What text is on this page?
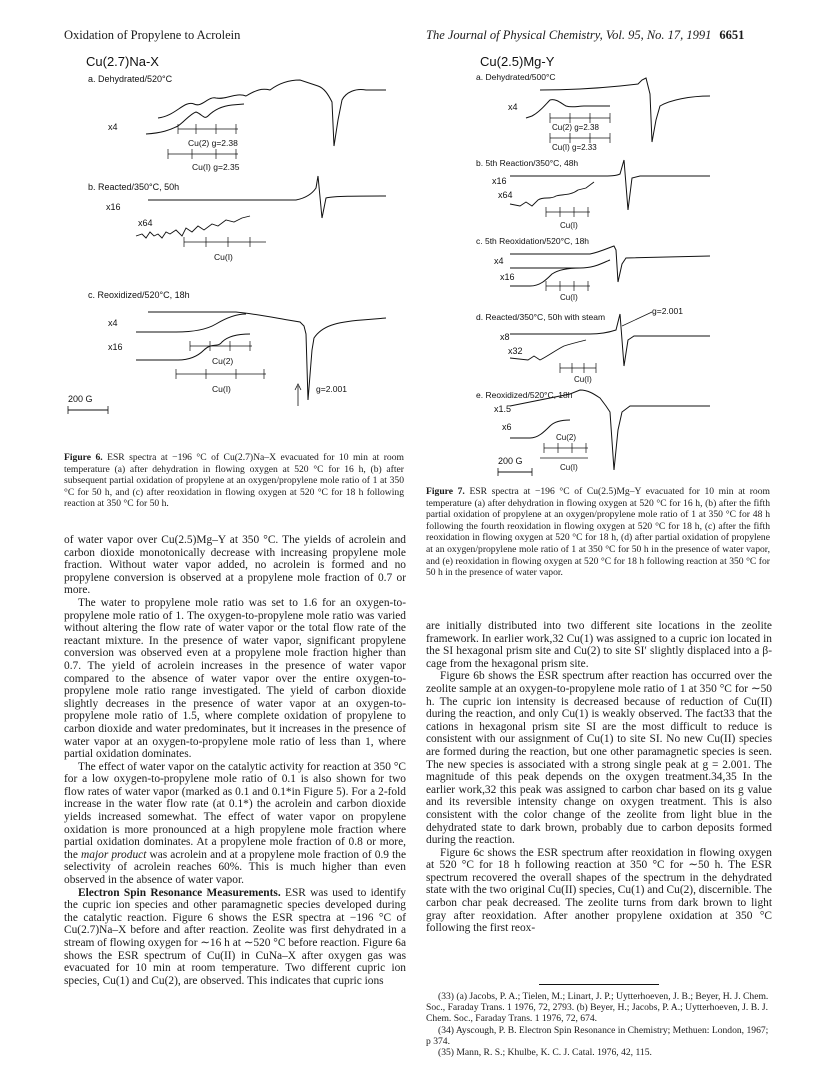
Oxidation of Propylene to Acrolein	The Journal of Physical Chemistry, Vol. 95, No. 17, 1991 6651
Cu(2.7)Na-X
a. Dehydrated/520°C
x4
Cu(2) g=2.38
Cu(I) g=2.35
b. Reacted/350°C, 50h
x16
x64
Cu(I)
c. Reoxidized/520°C, 18h
x4
x16
Cu(2)
Cu(I)	g=2.001
200 G
Figure 6. ESR spectra at −196 °C of Cu(2.7)Na–X evacuated for 10 min at room temperature (a) after dehydration in flowing oxygen at 520 °C for 16 h, (b) after subsequent partial oxidation of propylene at an oxygen/propylene mole ratio of 1 at 350 °C for 50 h, and (c) after reoxidation in flowing oxygen at 520 °C for 18 h following reaction at 350 °C for 50 h.

of water vapor over Cu(2.5)Mg–Y at 350 °C. The yields of acrolein and carbon dioxide monotonically decrease with increasing propylene mole fraction. Without water vapor added, no acrolein is formed and no propylene conversion is observed at a propylene mole fraction of 0.7 or more.

The water to propylene mole ratio was set to 1.6 for an oxygen-to-propylene mole ratio of 1. The oxygen-to-propylene mole ratio was varied without altering the flow rate of water vapor or the total flow rate of the reactant mixture. In the presence of water vapor, significant propylene conversion was observed even at a propylene mole fraction higher than 0.7. The yield of acrolein increases in the presence of water vapor compared to the absence of water vapor over the entire oxygen-to-propylene mole ratio range investigated. The yield of carbon dioxide slightly decreases in the presence of water vapor at an oxygen-to-propylene mole ratio of 1.5, where complete oxidation of propylene to carbon dioxide and water predominates, but it increases in the presence of water vapor at an oxygen-to-propylene mole ratio of less than 1, where partial oxidation dominates.

The effect of water vapor on the catalytic activity for reaction at 350 °C for a low oxygen-to-propylene mole ratio of 0.1 is also shown for two flow rates of water vapor (marked as 0.1 and 0.1*in Figure 5). For a 2-fold increase in the water flow rate (at 0.1*) the acrolein and carbon dioxide yields increased somewhat. The effect of water vapor on propylene oxidation is more pronounced at a high propylene mole fraction where partial oxidation dominates. At a propylene mole fraction of 0.8 or more, the major product was acrolein and at a propylene mole fraction of 0.9 the selectivity of acrolein reaches 60%. This is much higher than even observed in the absence of water vapor.

Electron Spin Resonance Measurements. ESR was used to identify the cupric ion species and other paramagnetic species developed during the catalytic reaction. Figure 6 shows the ESR spectra at −196 °C of Cu(2.7)Na–X before and after reaction. Zeolite was first dehydrated in a stream of flowing oxygen for ∼16 h at ∼520 °C before reaction. Figure 6a shows the ESR spectrum of Cu(II) in CuNa–X after oxygen gas was evacuated for 10 min at room temperature. Two different cupric ion species, Cu(1) and Cu(2), are observed. This indicates that cupric ions

Cu(2.5)Mg-Y
a. Dehydrated/500°C
x4
Cu(2) g=2.38
Cu(I) g=2.33
b. 5th Reaction/350°C, 48h
x16
x64
Cu(I)
c. 5th Reoxidation/520°C, 18h
x4
x16
Cu(I)
d. Reacted/350°C, 50h with steam
x8
x32
Cu(I)
g=2.001
e. Reoxidized/520°C, 18h
x1.5
x6
Cu(2)
Cu(I)
200 G
Figure 7. ESR spectra at −196 °C of Cu(2.5)Mg–Y evacuated for 10 min at room temperature (a) after dehydration in flowing oxygen at 520 °C for 16 h, (b) after the fifth partial oxidation of propylene at an oxygen/propylene mole ratio of 1 at 350 °C for 48 h following the fourth reoxidation in flowing oxygen at 520 °C for 18 h, (c) after the fifth reoxidation in flowing oxygen at 520 °C for 18 h, (d) after partial oxidation of propylene at an oxygen/propylene mole ratio of 1 at 350 °C for 50 h in the presence of water vapor, and (e) reoxidation in flowing oxygen at 520 °C for 18 h following reaction at 350 °C for 50 h in the presence of water vapor.

are initially distributed into two different site locations in the zeolite framework. In earlier work,32 Cu(1) was assigned to a cupric ion located in the SI hexagonal prism site and Cu(2) to site SI′ slightly displaced into a β-cage from the hexagonal prism site.

Figure 6b shows the ESR spectrum after reaction has occurred over the zeolite sample at an oxygen-to-propylene mole ratio of 1 at 350 °C for ∼50 h. The cupric ion intensity is decreased because of reduction of Cu(II) during the reaction, and only Cu(1) is weakly observed. The fact33 that the cations in hexagonal prism site SI are the most difficult to reduce is consistent with our assignment of Cu(1) to site SI. No new Cu(II) species are formed during the reaction, but one other paramagnetic species is seen. The new species is associated with a strong single peak at g = 2.001. The magnitude of this peak depends on the oxygen treatment.34,35 In the earlier work,32 this peak was assigned to carbon char based on its g value and its reversible intensity change on oxygen treatment. This is also consistent with the color change of the zeolite from light blue in the dehydrated state to dark brown, probably due to carbon deposits formed during the reaction.

Figure 6c shows the ESR spectrum after reoxidation in flowing oxygen at 520 °C for 18 h following reaction at 350 °C for ∼50 h. The ESR spectrum recovered the overall shapes of the spectrum in the dehydrated state with the two original Cu(II) species, Cu(1) and Cu(2), discernible. The carbon char peak decreased. The zeolite turns from dark brown to light gray after reoxidation. After another propylene oxidation at 350 °C following the first reox-

(33) (a) Jacobs, P. A.; Tielen, M.; Linart, J. P.; Uytterhoeven, J. B.; Beyer, H. J. Chem. Soc., Faraday Trans. 1 1976, 72, 2793. (b) Beyer, H.; Jacobs, P. A.; Uytterhoeven, J. B. J. Chem. Soc., Faraday Trans. 1 1976, 72, 674.

(34) Ayscough, P. B. Electron Spin Resonance in Chemistry; Methuen: London, 1967; p 374.

(35) Mann, R. S.; Khulbe, K. C. J. Catal. 1976, 42, 115.
